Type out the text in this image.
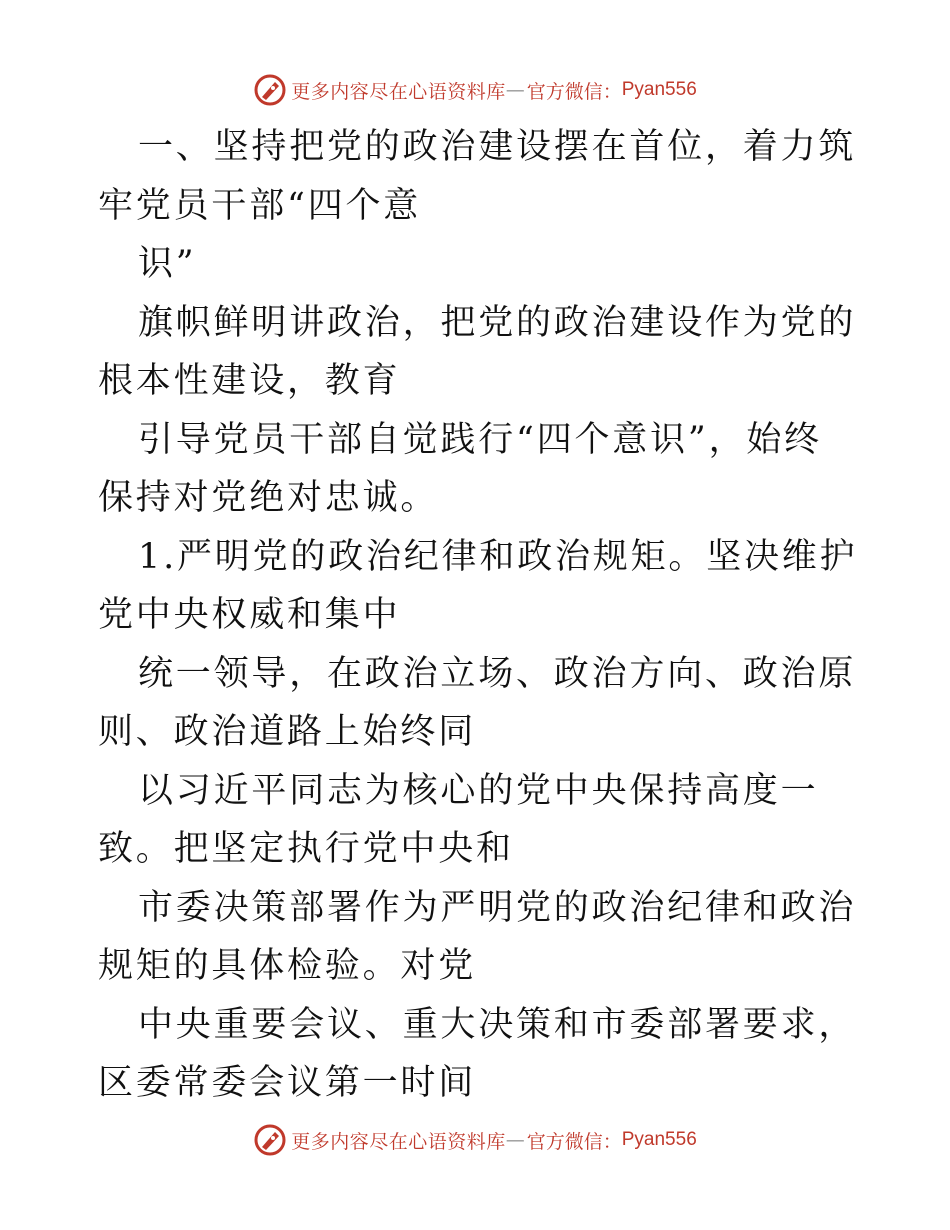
更多内容尽在心语资料库 — 官方微信： Pyan556

一、坚持把党的政治建设摆在首位，着力筑牢党员干部“四个意

识”

旗帜鲜明讲政治，把党的政治建设作为党的根本性建设，教育

引导党员干部自觉践行“四个意识”，始终保持对党绝对忠诚。

1.严明党的政治纪律和政治规矩。坚决维护党中央权威和集中

统一领导，在政治立场、政治方向、政治原则、政治道路上始终同

以习近平同志为核心的党中央保持高度一致。把坚定执行党中央和

市委决策部署作为严明党的政治纪律和政治规矩的具体检验。对党

中央重要会议、重大决策和市委部署要求，区委常委会议第一时间

更多内容尽在心语资料库 — 官方微信： Pyan556
